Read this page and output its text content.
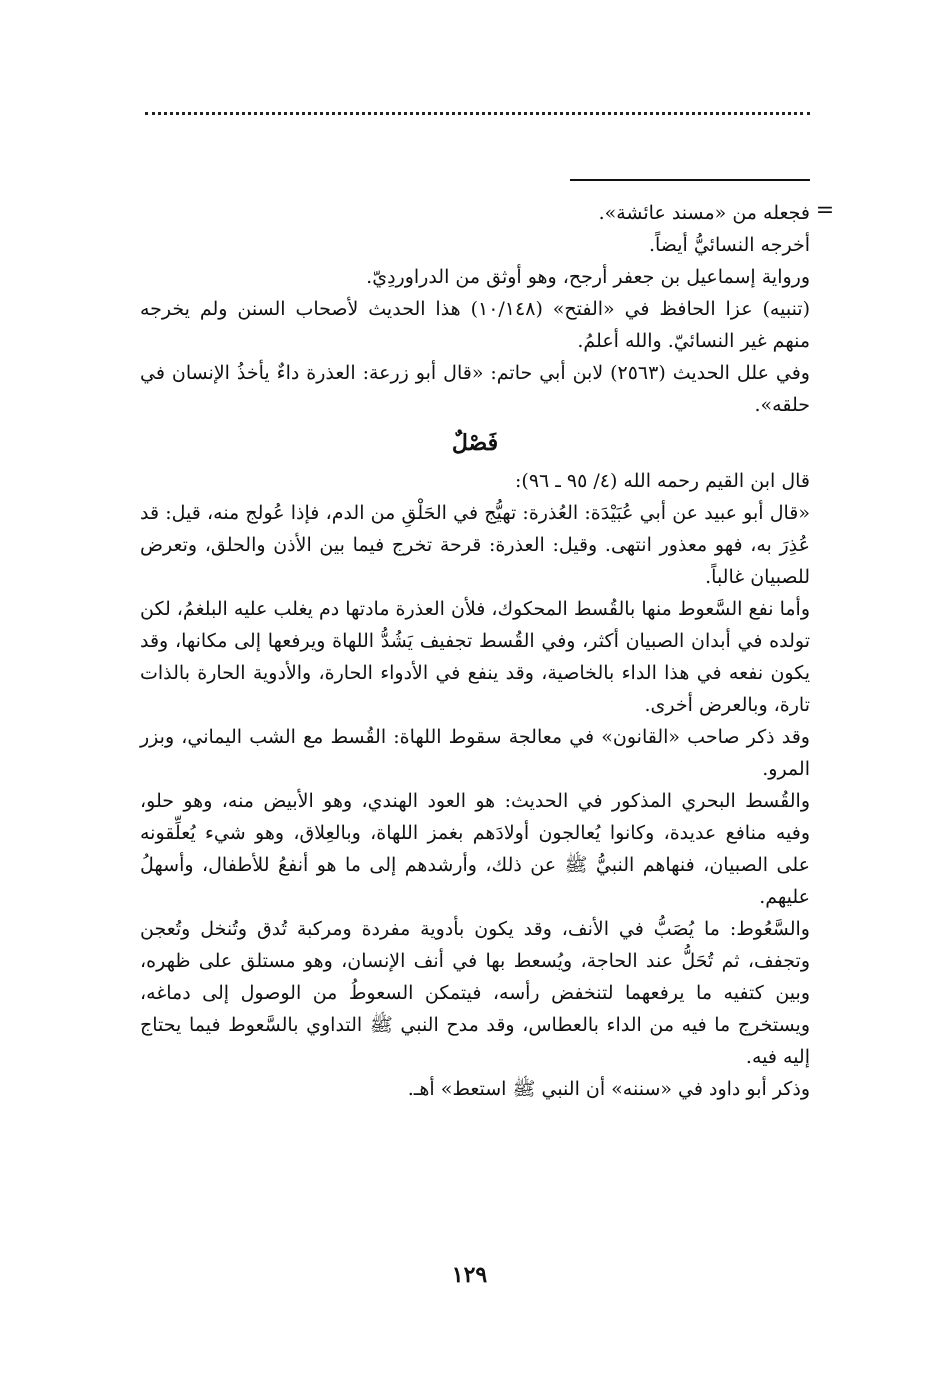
=

فجعله من «مسند عائشة».

أخرجه النسائيُّ أيضاً.

ورواية إسماعيل بن جعفر أرجح، وهو أوثق من الدراوردِيّ.

(تنبيه) عزا الحافظ في «الفتح» (١٠/١٤٨) هذا الحديث لأصحاب السنن ولم يخرجه منهم غير النسائيّ. والله أعلمُ.

وفي علل الحديث (٢٥٦٣) لابن أبي حاتم: «قال أبو زرعة: العذرة داءٌ يأخذُ الإنسان في حلقه».

فَصْلٌ

قال ابن القيم رحمه الله (٤/ ٩٥ ـ ٩٦):

«قال أبو عبيد عن أبي عُبَيْدَة: العُذرة: تهيُّج في الحَلْقِ من الدم، فإذا عُولج منه، قيل: قد عُذِرَ به، فهو معذور انتهى. وقيل: العذرة: قرحة تخرج فيما بين الأذن والحلق، وتعرض للصبيان غالباً.

وأما نفع السَّعوط منها بالقُسط المحكوك، فلأن العذرة مادتها دم يغلب عليه البلغمُ، لكن تولده في أبدان الصبيان أكثر، وفي القُسط تجفيف يَشُدُّ اللهاة ويرفعها إلى مكانها، وقد يكون نفعه في هذا الداء بالخاصية، وقد ينفع في الأدواء الحارة، والأدوية الحارة بالذات تارة، وبالعرض أخرى.

وقد ذكر صاحب «القانون» في معالجة سقوط اللهاة: القُسط مع الشب اليماني، وبزر المرو.

والقُسط البحري المذكور في الحديث: هو العود الهندي، وهو الأبيض منه، وهو حلو، وفيه منافع عديدة، وكانوا يُعالجون أولادَهم بغمز اللهاة، وبالعِلاق، وهو شيء يُعلِّقونه على الصبيان، فنهاهم النبيُّ ﷺ عن ذلك، وأرشدهم إلى ما هو أنفعُ للأطفال، وأسهلُ عليهم.

والسَّعُوط: ما يُصَبُّ في الأنف، وقد يكون بأدوية مفردة ومركبة تُدق وتُنخل وتُعجن وتجفف، ثم تُحَلُّ عند الحاجة، ويُسعط بها في أنف الإنسان، وهو مستلق على ظهره، وبين كتفيه ما يرفعهما لتنخفض رأسه، فيتمكن السعوطُ من الوصول إلى دماغه، ويستخرج ما فيه من الداء بالعطاس، وقد مدح النبي ﷺ التداوي بالسَّعوط فيما يحتاج إليه فيه.

وذكر أبو داود في «سننه» أن النبي ﷺ استعط» أهـ.

١٢٩
